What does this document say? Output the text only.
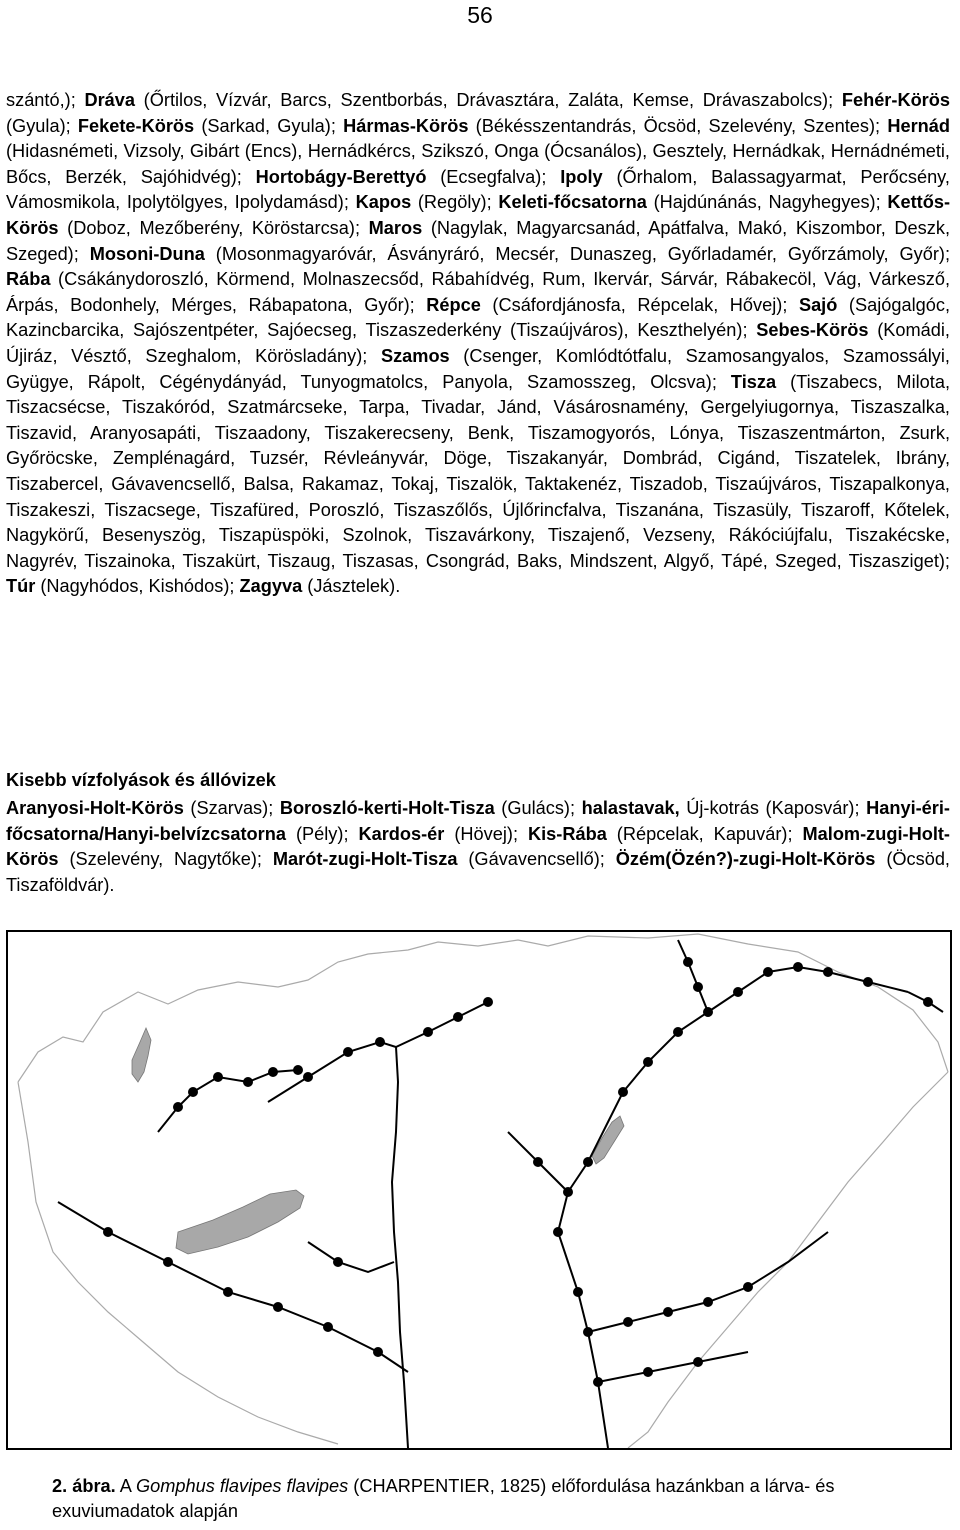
56

szántó,); Dráva (Őrtilos, Vízvár, Barcs, Szentborbás, Drávasztára, Zaláta, Kemse, Drávaszabolcs); Fehér-Körös (Gyula); Fekete-Körös (Sarkad, Gyula); Hármas-Körös (Békésszentandrás, Öcsöd, Szelevény, Szentes); Hernád (Hidasnémeti, Vizsoly, Gibárt (Encs), Hernádkércs, Szikszó, Onga (Ócsanálos), Gesztely, Hernádkak, Hernádnémeti, Bőcs, Berzék, Sajóhidvég); Hortobágy-Berettyó (Ecsegfalva); Ipoly (Őrhalom, Balassagyarmat, Perőcsény, Vámosmikola, Ipolytölgyes, Ipolydamásd); Kapos (Regöly); Keleti-főcsatorna (Hajdúnánás, Nagyhegyes); Kettős-Körös (Doboz, Mezőberény, Köröstarcsa); Maros (Nagylak, Magyarcsanád, Apátfalva, Makó, Kiszombor, Deszk, Szeged); Mosoni-Duna (Mosonmagyaróvár, Ásványráró, Mecsér, Dunaszeg, Győrladamér, Győrzámoly, Győr); Rába (Csákánydoroszló, Körmend, Molnaszecsőd, Rábahídvég, Rum, Ikervár, Sárvár, Rábakecöl, Vág, Várkesző, Árpás, Bodonhely, Mérges, Rábapatona, Győr); Répce (Csáfordjánosfa, Répcelak, Hővej); Sajó (Sajógalgóc, Kazincbarcika, Sajószentpéter, Sajóecseg, Tiszaszederkény (Tiszaújváros), Keszthelyén); Sebes-Körös (Komádi, Újiráz, Vésztő, Szeghalom, Körösladány); Szamos (Csenger, Komlódtótfalu, Szamosangyalos, Szamossályi, Gyügye, Rápolt, Cégénydányád, Tunyogmatolcs, Panyola, Szamosszeg, Olcsva); Tisza (Tiszabecs, Milota, Tiszacsécse, Tiszakóród, Szatmárcseke, Tarpa, Tivadar, Jánd, Vásárosnamény, Gergelyiugornya, Tiszaszalka, Tiszavid, Aranyosapáti, Tiszaadony, Tiszakerecseny, Benk, Tiszamogyorós, Lónya, Tiszaszentmárton, Zsurk, Győröcske, Zemplénagárd, Tuzsér, Révleányvár, Döge, Tiszakanyár, Dombrád, Cigánd, Tiszatelek, Ibrány, Tiszabercel, Gávavencsellő, Balsa, Rakamaz, Tokaj, Tiszalök, Taktakenéz, Tiszadob, Tiszaújváros, Tiszapalkonya, Tiszakeszi, Tiszacsege, Tiszafüred, Poroszló, Tiszaszőlős, Újlőrincfalva, Tiszanána, Tiszasüly, Tiszaroff, Kőtelek, Nagykörű, Besenyszög, Tiszapüspöki, Szolnok, Tiszavárkony, Tiszajenő, Vezseny, Rákóciújfalu, Tiszakécske, Nagyrév, Tiszainoka, Tiszakürt, Tiszaug, Tiszasas, Csongrád, Baks, Mindszent, Algyő, Tápé, Szeged, Tiszasziget); Túr (Nagyhódos, Kishódos); Zagyva (Jásztelek).

Kisebb vízfolyások és állóvizek

Aranyosi-Holt-Körös (Szarvas); Boroszló-kerti-Holt-Tisza (Gulács); halastavak, Új-kotrás (Kaposvár); Hanyi-éri-főcsatorna/Hanyi-belvízcsatorna (Pély); Kardos-ér (Hövej); Kis-Rába (Répcelak, Kapuvár); Malom-zugi-Holt-Körös (Szelevény, Nagytőke); Marót-zugi-Holt-Tisza (Gávavencsellő); Özém(Özén?)-zugi-Holt-Körös (Öcsöd, Tiszaföldvár).

2. ábra. A Gomphus flavipes flavipes (CHARPENTIER, 1825) előfordulása hazánkban a lárva- és exuviumadatok alapján
